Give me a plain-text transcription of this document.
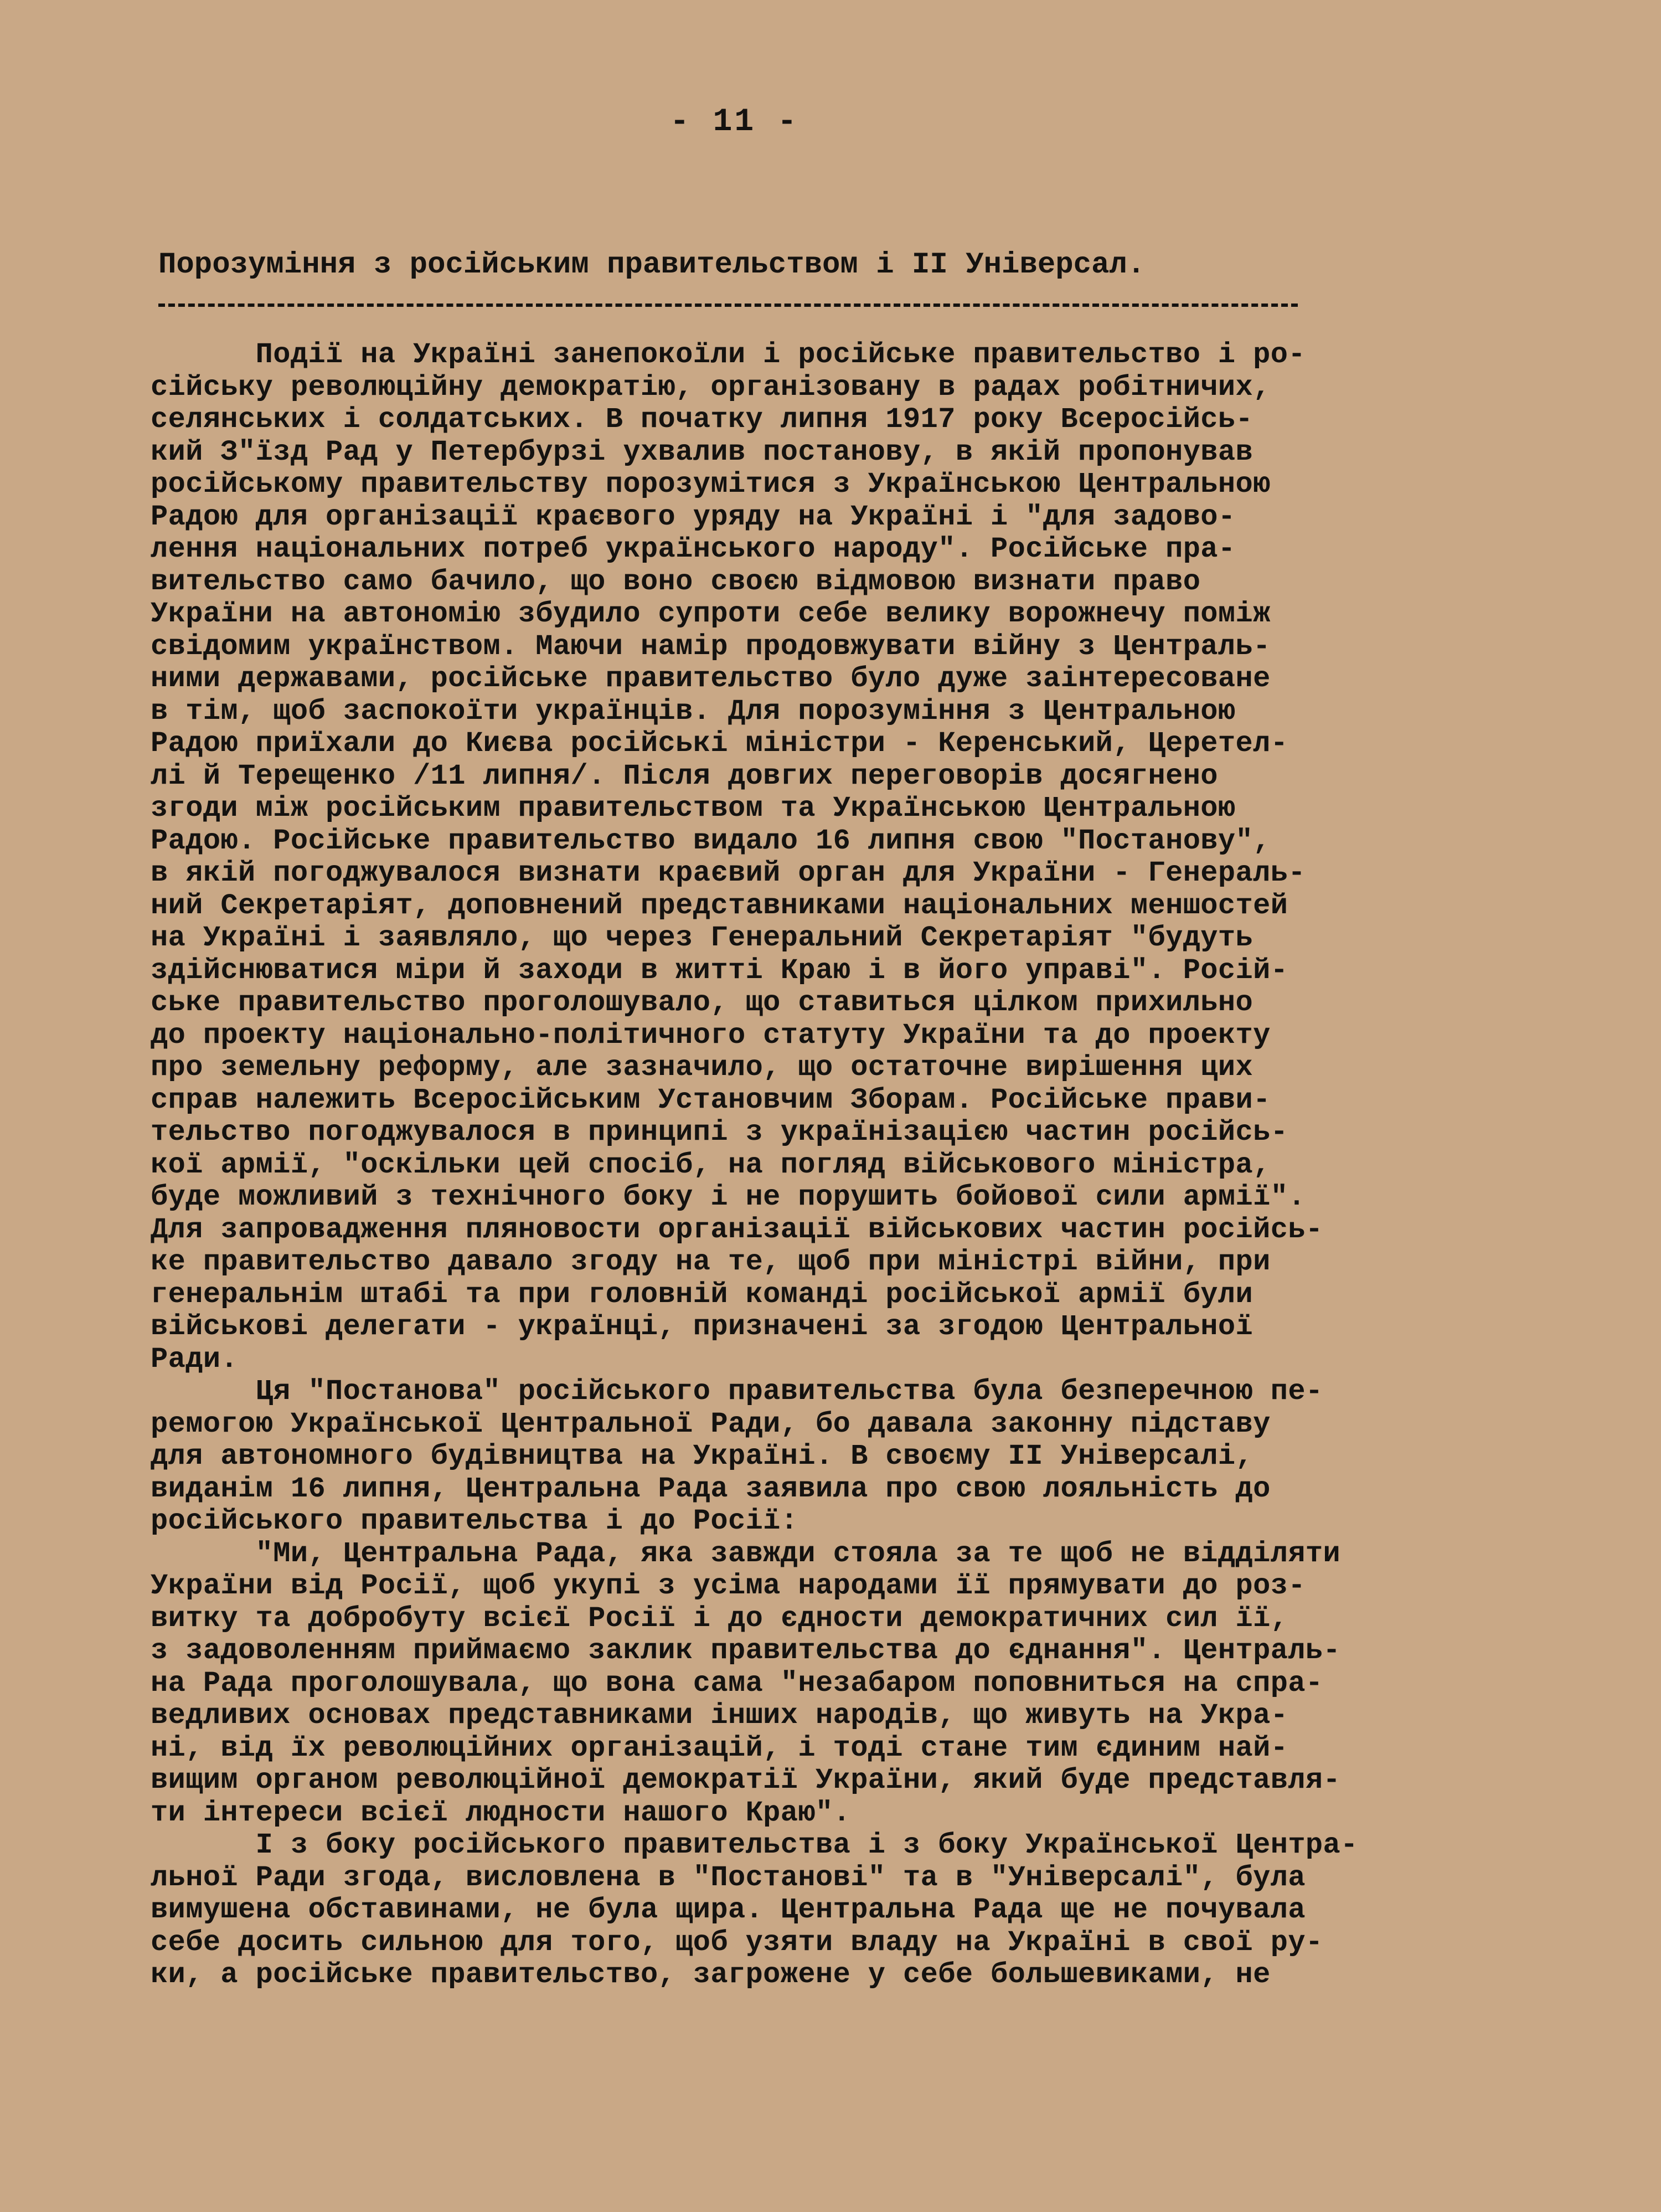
- 11 -
Порозуміння з російським правительством і II Універсал.
Події на Україні занепокоїли і російське правительство і ро-
сійську революційну демократію, організовану в радах робітничих,
селянських і солдатських. В початку липня 1917 року Всеросійсь-
кий З"їзд Рад у Петербурзі ухвалив постанову, в якій пропонував
російському правительству порозумітися з Українською Центральною
Радою для організації краєвого уряду на Україні і "для задово-
лення національних потреб українського народу". Російське пра-
вительство само бачило, що воно своєю відмовою визнати право
України на автономію збудило супроти себе велику ворожнечу поміж
свідомим українством. Маючи намір продовжувати війну з Централь-
ними державами, російське правительство було дуже заінтересоване
в тім, щоб заспокоїти українців. Для порозуміння з Центральною
Радою приїхали до Києва російські міністри - Керенський, Церетел-
лі й Терещенко /11 липня/. Після довгих переговорів досягнено
згоди між російським правительством та Українською Центральною
Радою. Російське правительство видало 16 липня свою "Постанову",
в якій погоджувалося визнати краєвий орган для України - Генераль-
ний Секретаріят, доповнений представниками національних меншостей
на Україні і заявляло, що через Генеральний Секретаріят "будуть
здійснюватися міри й заходи в житті Краю і в його управі". Росій-
ське правительство проголошувало, що ставиться цілком прихильно
до проекту національно-політичного статуту України та до проекту
про земельну реформу, але зазначило, що остаточне вирішення цих
справ належить Всеросійським Установчим Зборам. Російське прави-
тельство погоджувалося в принципі з українізацією частин російсь-
кої армії, "оскільки цей спосіб, на погляд військового міністра,
буде можливий з технічного боку і не порушить бойової сили армії".
Для запровадження пляновости організації військових частин російсь-
ке правительство давало згоду на те, щоб при міністрі війни, при
генеральнім штабі та при головній команді російської армії були
військові делегати - українці, призначені за згодою Центральної
Ради.
Ця "Постанова" російського правительства була безперечною пе-
ремогою Української Центральної Ради, бо давала законну підставу
для автономного будівництва на Україні. В своєму II Універсалі,
виданім 16 липня, Центральна Рада заявила про свою лояльність до
російського правительства і до Росії:
"Ми, Центральна Рада, яка завжди стояла за те щоб не відділяти
України від Росії, щоб укупі з усіма народами її прямувати до роз-
витку та добробуту всієї Росії і до єдности демократичних сил її,
з задоволенням приймаємо заклик правительства до єднання". Централь-
на Рада проголошувала, що вона сама "незабаром поповниться на спра-
ведливих основах представниками інших народів, що живуть на Укра-
ні, від їх революційних організацій, і тоді стане тим єдиним най-
вищим органом революційної демократії України, який буде представля-
ти інтереси всієї людности нашого Краю".
І з боку російського правительства і з боку Української Центра-
льної Ради згода, висловлена в "Постанові" та в "Універсалі", була
вимушена обставинами, не була щира. Центральна Рада ще не почувала
себе досить сильною для того, щоб узяти владу на Україні в свої ру-
ки, а російське правительство, загрожене у себе большевиками, не
